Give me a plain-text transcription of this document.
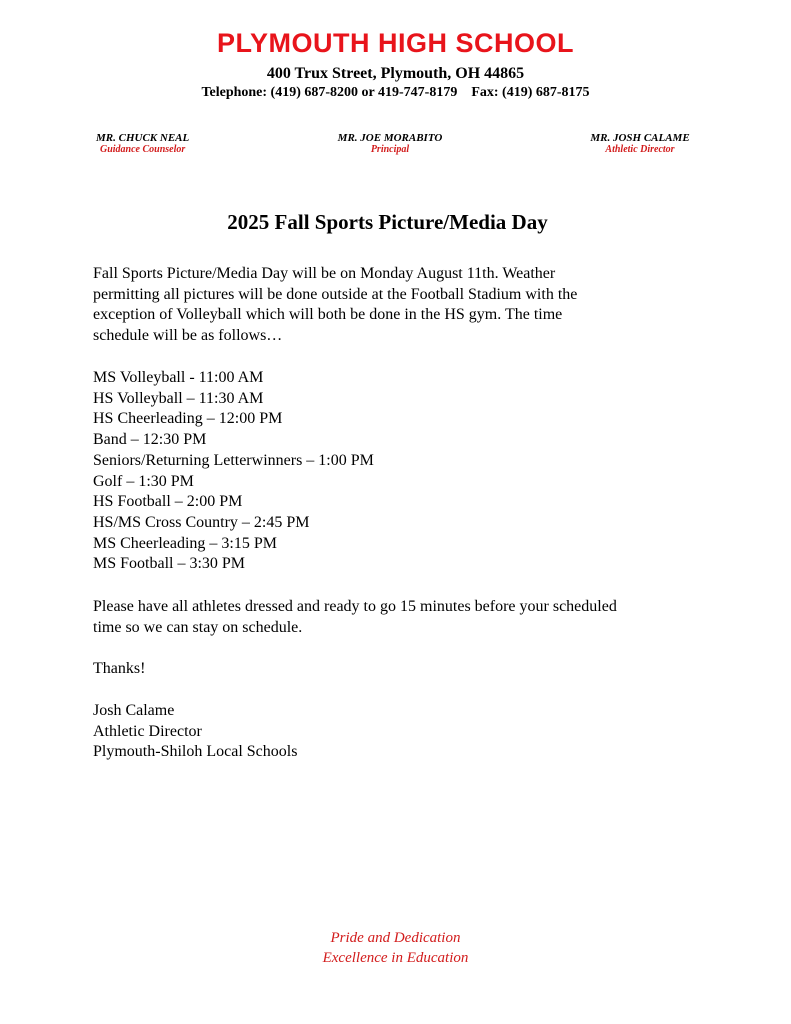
PLYMOUTH HIGH SCHOOL
400 Trux Street, Plymouth, OH 44865
Telephone: (419) 687-8200 or 419-747-8179    Fax: (419) 687-8175
MR. CHUCK NEAL
Guidance Counselor
MR. JOE MORABITO
Principal
MR. JOSH CALAME
Athletic Director
2025 Fall Sports Picture/Media Day
Fall Sports Picture/Media Day will be on Monday August 11th. Weather
permitting all pictures will be done outside at the Football Stadium with the
exception of Volleyball which will both be done in the HS gym. The time
schedule will be as follows…
MS Volleyball - 11:00 AM
HS Volleyball – 11:30 AM
HS Cheerleading – 12:00 PM
Band – 12:30 PM
Seniors/Returning Letterwinners – 1:00 PM
Golf – 1:30 PM
HS Football – 2:00 PM
HS/MS Cross Country – 2:45 PM
MS Cheerleading – 3:15 PM
MS Football – 3:30 PM
Please have all athletes dressed and ready to go 15 minutes before your scheduled
time so we can stay on schedule.
Thanks!
Josh Calame
Athletic Director
Plymouth-Shiloh Local Schools
Pride and Dedication
Excellence in Education
